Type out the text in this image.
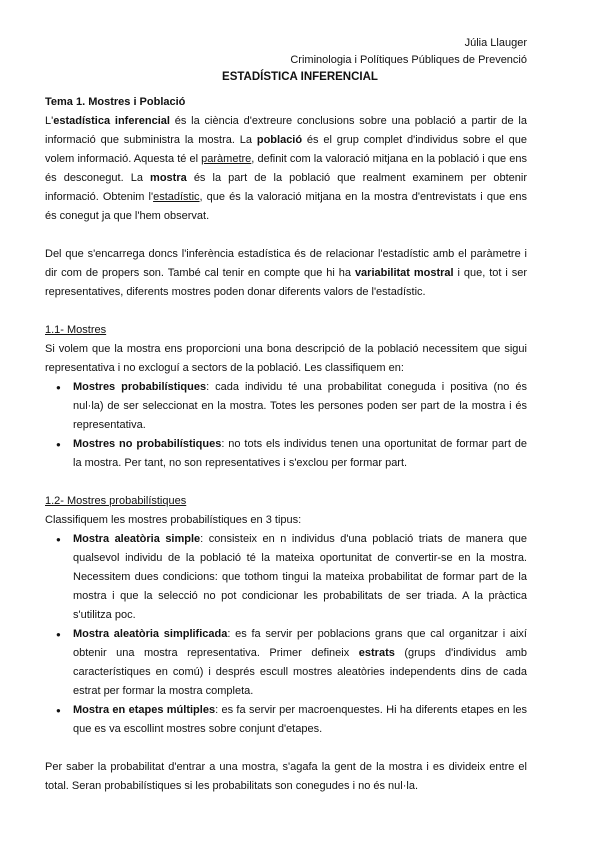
Júlia Llauger
Criminologia i Polítiques Públiques de Prevenció
ESTADÍSTICA INFERENCIAL

Tema 1. Mostres i Població

L'estadística inferencial és la ciència d'extreure conclusions sobre una població a partir de la informació que subministra la mostra. La població és el grup complet d'individus sobre el que volem informació. Aquesta té el paràmetre, definit com la valoració mitjana en la població i que ens és desconegut. La mostra és la part de la població que realment examinem per obtenir informació. Obtenim l'estadístic, que és la valoració mitjana en la mostra d'entrevistats i que ens és conegut ja que l'hem observat.

Del que s'encarrega doncs l'inferència estadística és de relacionar l'estadístic amb el paràmetre i dir com de propers son. També cal tenir en compte que hi ha variabilitat mostral i que, tot i ser representatives, diferents mostres poden donar diferents valors de l'estadístic.

1.1- Mostres

Si volem que la mostra ens proporcioni una bona descripció de la població necessitem que sigui representativa i no excloguí a sectors de la població. Les classifiquem en:

● Mostres probabilístiques: cada individu té una probabilitat coneguda i positiva (no és nul·la) de ser seleccionat en la mostra. Totes les persones poden ser part de la mostra i és representativa.
● Mostres no probabilístiques: no tots els individus tenen una oportunitat de formar part de la mostra. Per tant, no son representatives i s'exclou per formar part.

1.2- Mostres probabilístiques

Classifiquem les mostres probabilístiques en 3 tipus:

● Mostra aleatòria simple: consisteix en n individus d'una població triats de manera que qualsevol individu de la població té la mateixa oportunitat de convertir-se en la mostra. Necessitem dues condicions: que tothom tingui la mateixa probabilitat de formar part de la mostra i que la selecció no pot condicionar les probabilitats de ser triada. A la pràctica s'utilitza poc.
● Mostra aleatòria simplificada: es fa servir per poblacions grans que cal organitzar i així obtenir una mostra representativa. Primer defineix estrats (grups d'individus amb característiques en comú) i després escull mostres aleatòries independents dins de cada estrat per formar la mostra completa.
● Mostra en etapes múltiples: es fa servir per macroenquestes. Hi ha diferents etapes en les que es va escollint mostres sobre conjunt d'etapes.

Per saber la probabilitat d'entrar a una mostra, s'agafa la gent de la mostra i es divideix entre el total. Seran probabilístiques si les probabilitats son conegudes i no és nul·la.
